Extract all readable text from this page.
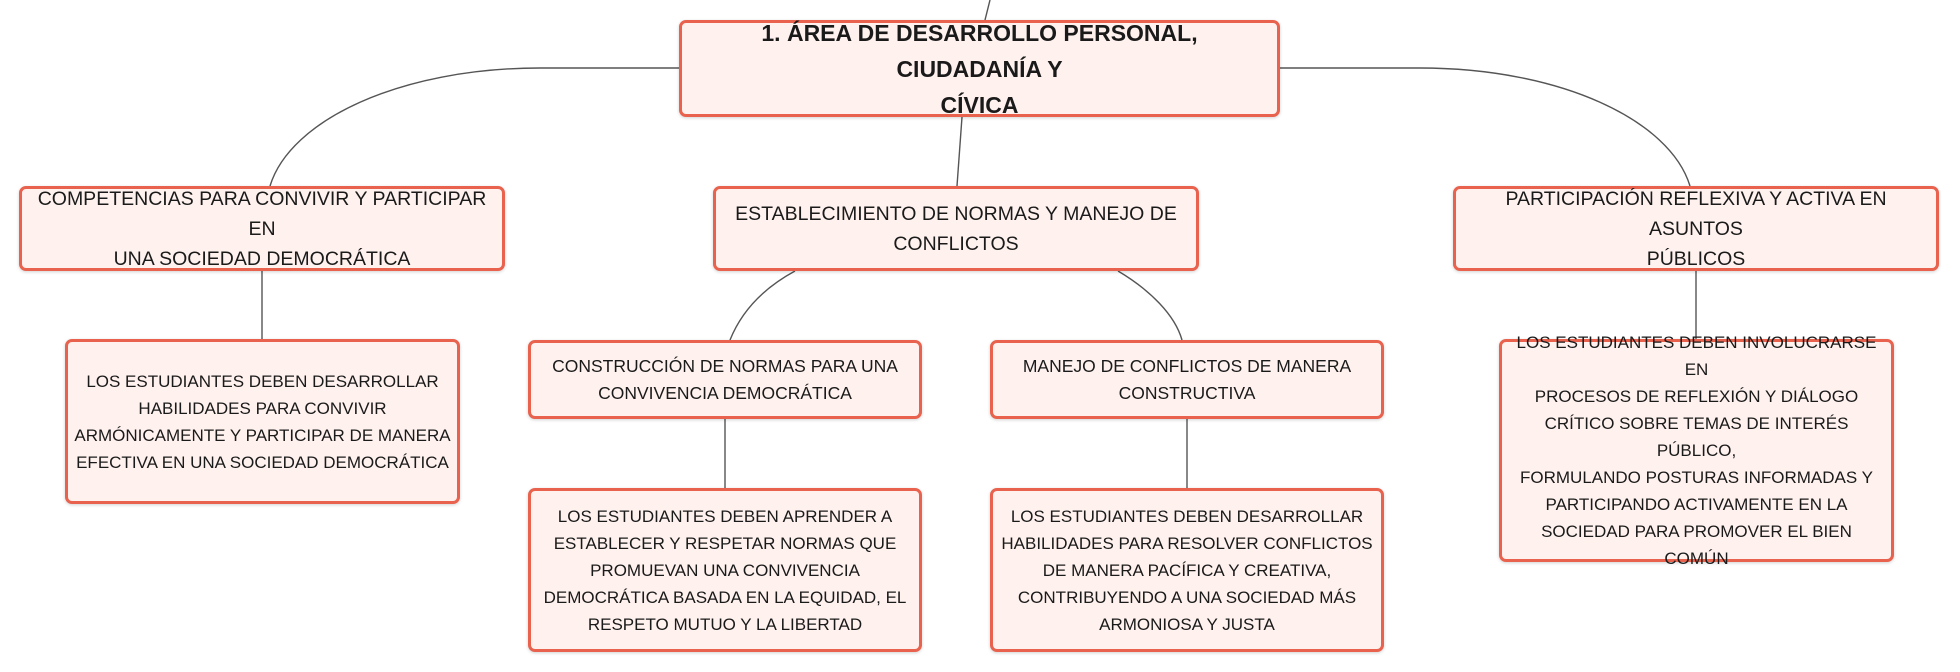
1. ÁREA DE DESARROLLO PERSONAL, CIUDADANÍA Y
CÍVICA
COMPETENCIAS PARA CONVIVIR Y PARTICIPAR EN
UNA SOCIEDAD DEMOCRÁTICA
LOS ESTUDIANTES DEBEN DESARROLLAR
HABILIDADES PARA CONVIVIR
ARMÓNICAMENTE Y PARTICIPAR DE MANERA
EFECTIVA EN UNA SOCIEDAD DEMOCRÁTICA
ESTABLECIMIENTO DE NORMAS Y MANEJO DE
CONFLICTOS
CONSTRUCCIÓN DE NORMAS PARA UNA
CONVIVENCIA DEMOCRÁTICA
LOS ESTUDIANTES DEBEN APRENDER A
ESTABLECER Y RESPETAR NORMAS QUE
PROMUEVAN UNA CONVIVENCIA
DEMOCRÁTICA BASADA EN LA EQUIDAD, EL
RESPETO MUTUO Y LA LIBERTAD
MANEJO DE CONFLICTOS DE MANERA
CONSTRUCTIVA
LOS ESTUDIANTES DEBEN DESARROLLAR
HABILIDADES PARA RESOLVER CONFLICTOS
DE MANERA PACÍFICA Y CREATIVA,
CONTRIBUYENDO A UNA SOCIEDAD MÁS
ARMONIOSA Y JUSTA
PARTICIPACIÓN REFLEXIVA Y ACTIVA EN ASUNTOS
PÚBLICOS
LOS ESTUDIANTES DEBEN INVOLUCRARSE EN
PROCESOS DE REFLEXIÓN Y DIÁLOGO
CRÍTICO SOBRE TEMAS DE INTERÉS PÚBLICO,
FORMULANDO POSTURAS INFORMADAS Y
PARTICIPANDO ACTIVAMENTE EN LA
SOCIEDAD PARA PROMOVER EL BIEN COMÚN
